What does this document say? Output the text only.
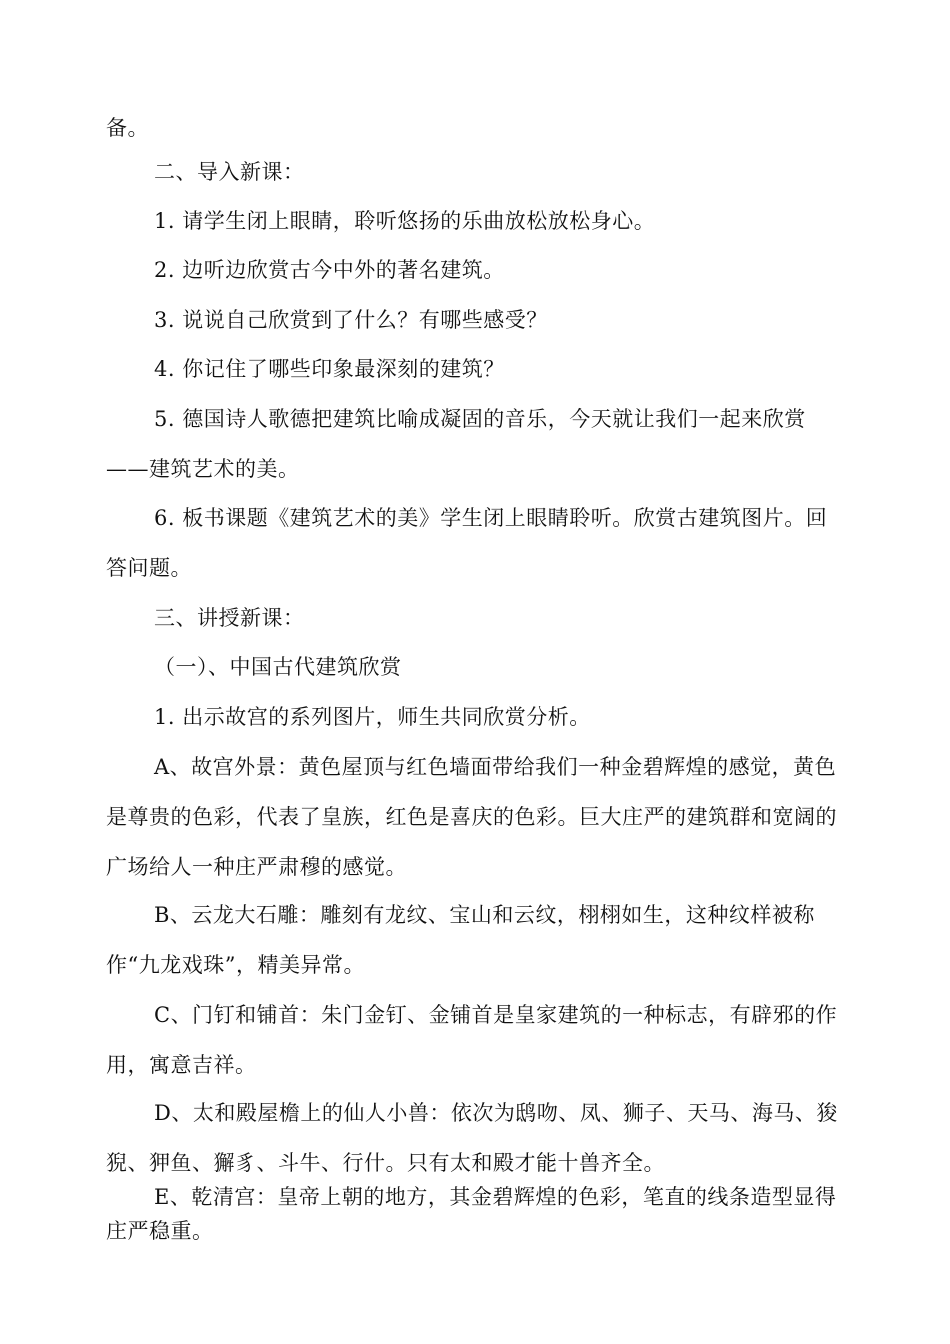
备。

二、导入新课：

1. 请学生闭上眼睛，聆听悠扬的乐曲放松放松身心。

2. 边听边欣赏古今中外的著名建筑。

3. 说说自己欣赏到了什么？有哪些感受？

4. 你记住了哪些印象最深刻的建筑？

5. 德国诗人歌德把建筑比喻成凝固的音乐，今天就让我们一起来欣赏——建筑艺术的美。

6. 板书课题《建筑艺术的美》学生闭上眼睛聆听。欣赏古建筑图片。回答问题。

三、讲授新课：

（一）、中国古代建筑欣赏

1. 出示故宫的系列图片，师生共同欣赏分析。

A、故宫外景：黄色屋顶与红色墙面带给我们一种金碧辉煌的感觉，黄色是尊贵的色彩，代表了皇族，红色是喜庆的色彩。巨大庄严的建筑群和宽阔的广场给人一种庄严肃穆的感觉。

B、云龙大石雕：雕刻有龙纹、宝山和云纹，栩栩如生，这种纹样被称作“九龙戏珠”，精美异常。

C、门钉和铺首：朱门金钉、金铺首是皇家建筑的一种标志，有辟邪的作用，寓意吉祥。

D、太和殿屋檐上的仙人小兽：依次为鸱吻、凤、狮子、天马、海马、狻猊、狎鱼、獬豸、斗牛、行什。只有太和殿才能十兽齐全。

E、乾清宫：皇帝上朝的地方，其金碧辉煌的色彩，笔直的线条造型显得庄严稳重。
